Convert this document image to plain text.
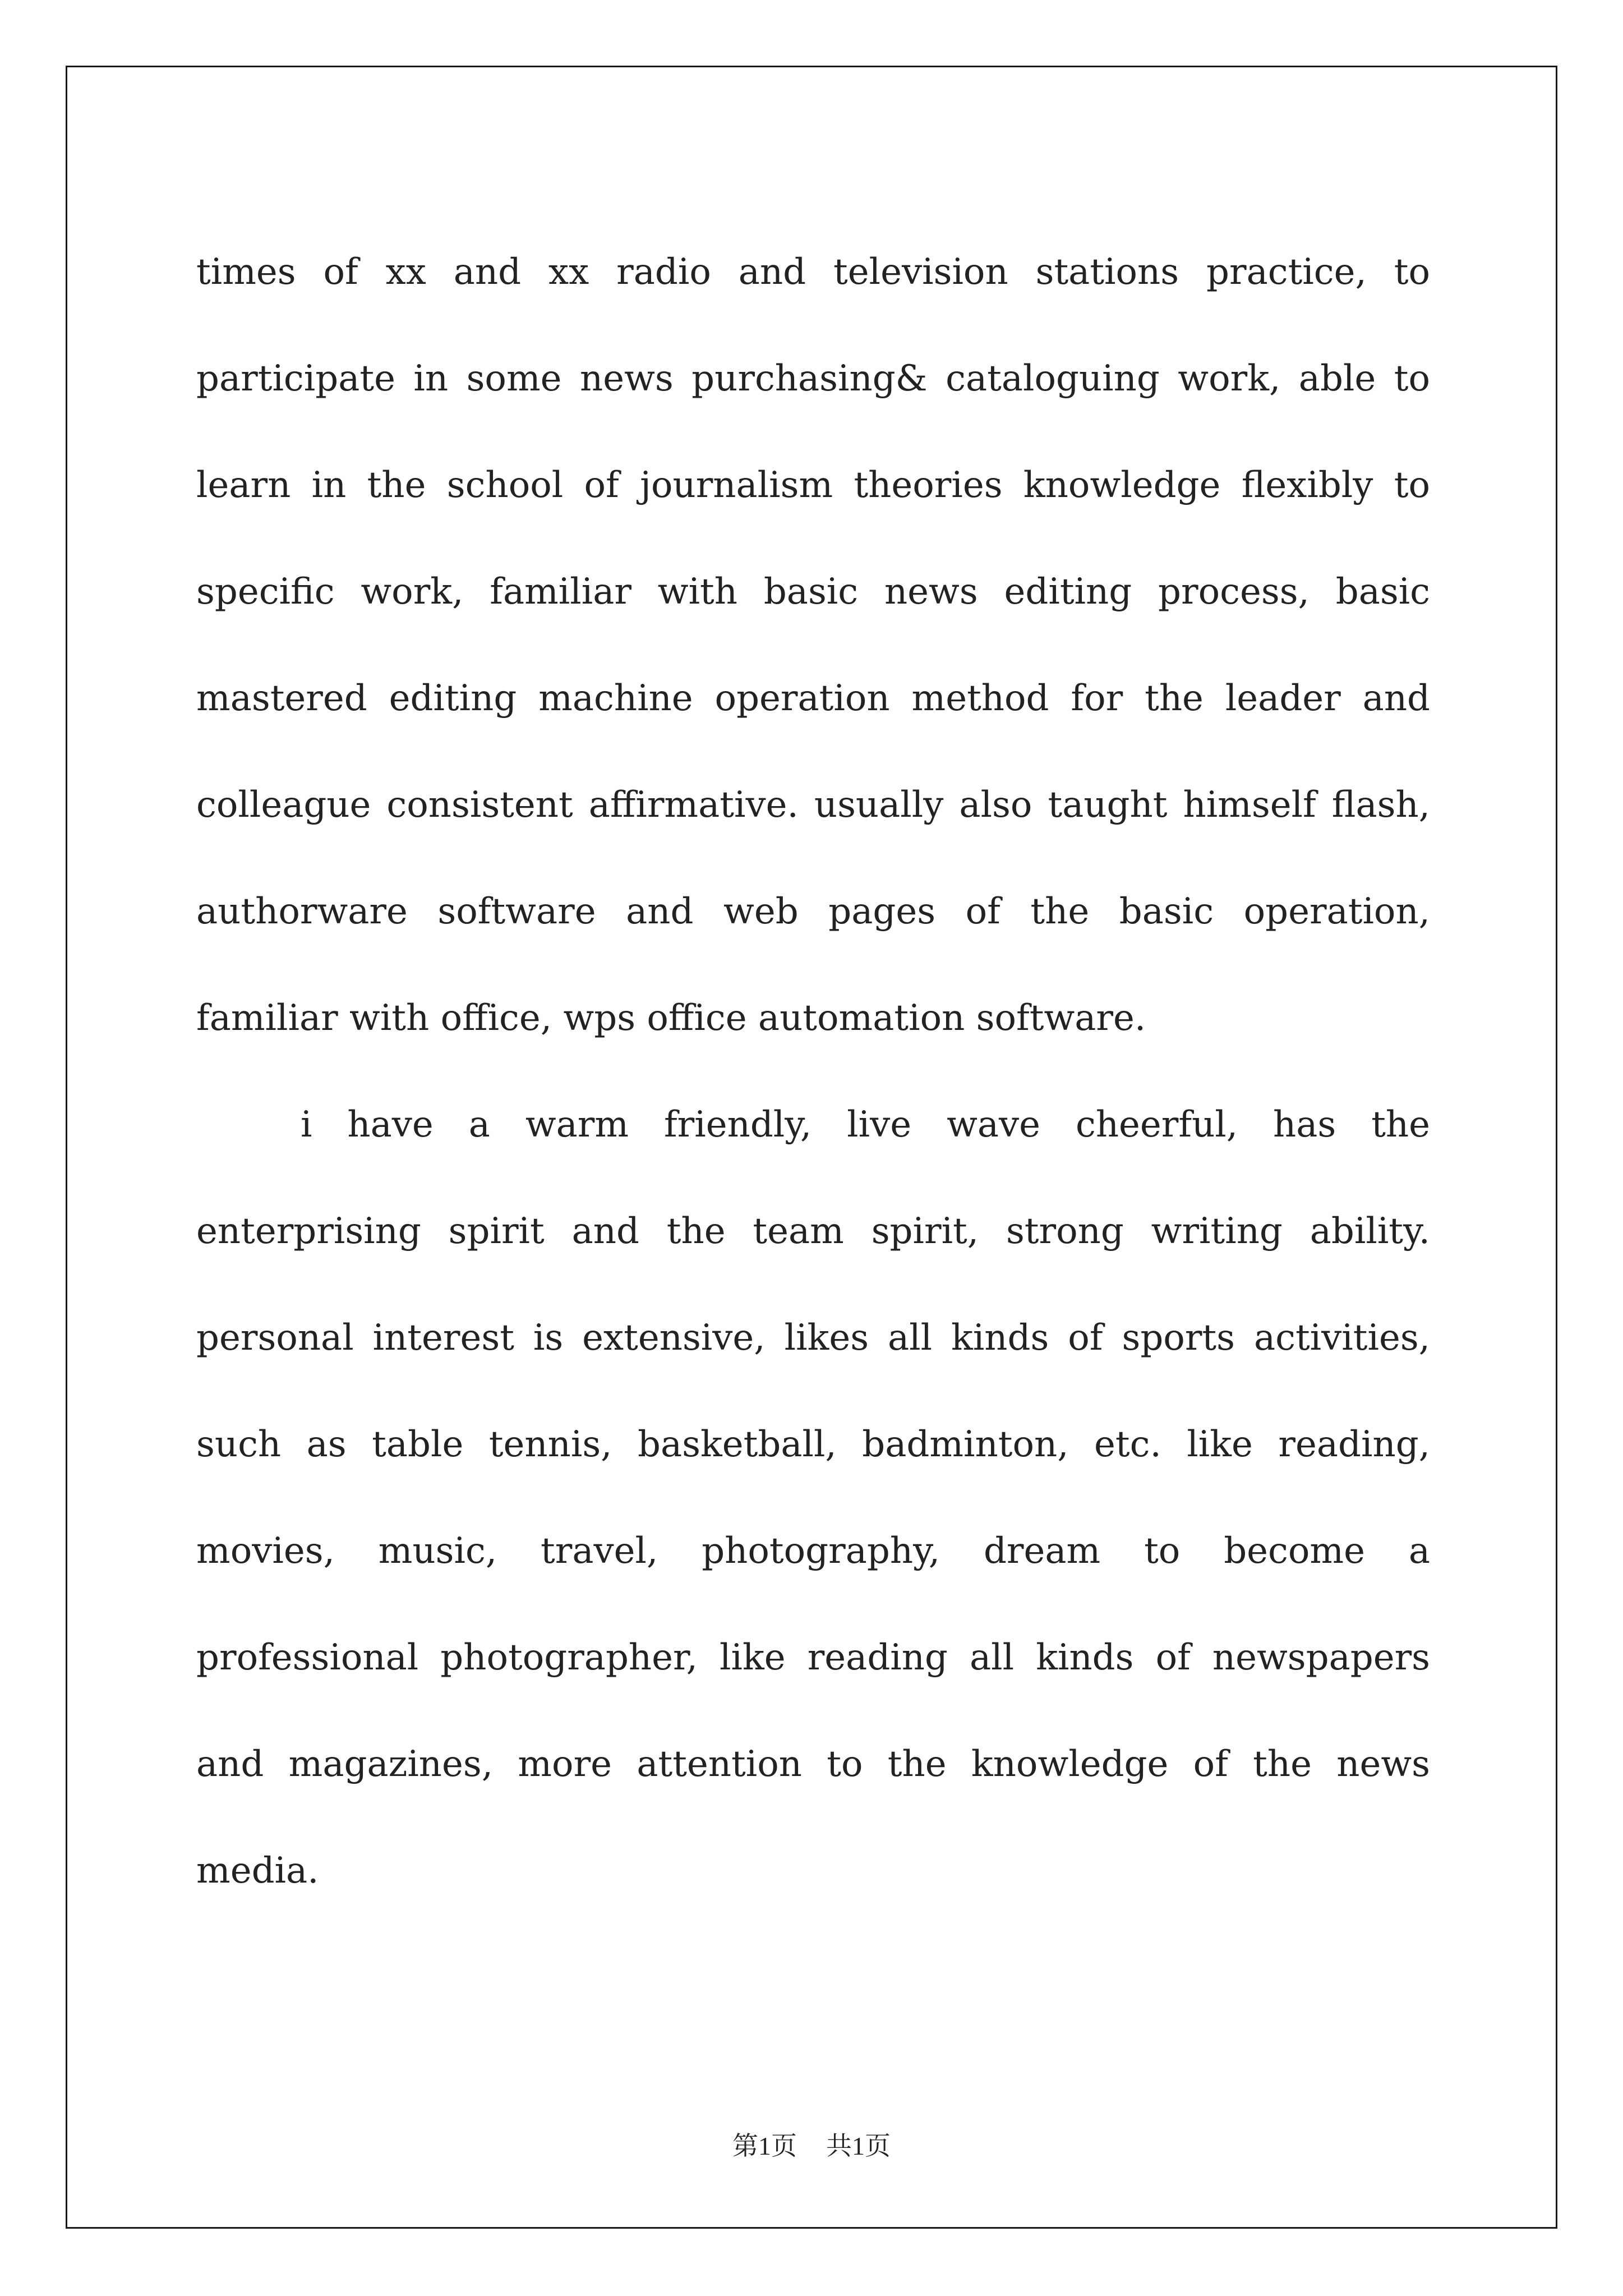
times of xx and xx radio and television stations practice, to participate in some news purchasing& cataloguing work, able to learn in the school of journalism theories knowledge flexibly to specific work, familiar with basic news editing process, basic mastered editing machine operation method for the leader and colleague consistent affirmative. usually also taught himself flash, authorware software and web pages of the basic operation, familiar with office, wps office automation software.

i have a warm friendly, live wave cheerful, has the enterprising spirit and the team spirit, strong writing ability. personal interest is extensive, likes all kinds of sports activities, such as table tennis, basketball, badminton, etc. like reading, movies, music, travel, photography, dream to become a professional photographer, like reading all kinds of newspapers and magazines, more attention to the knowledge of the news media.

第1页 共1页
